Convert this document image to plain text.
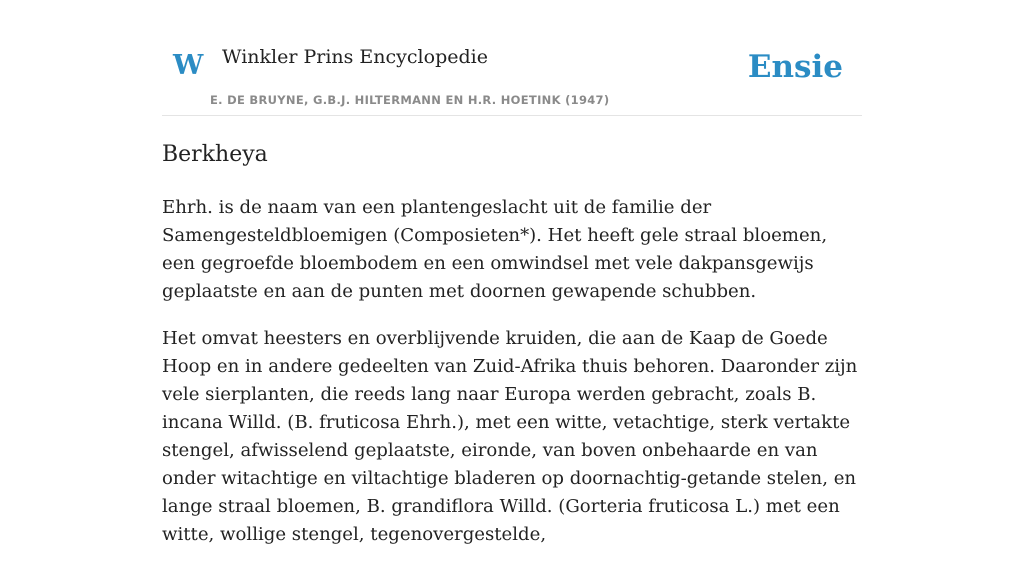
W Winkler Prins Encyclopedie
E. DE BRUYNE, G.B.J. HILTERMANN EN H.R. HOETINK (1947)
Ensie
Berkheya

Ehrh. is de naam van een plantengeslacht uit de familie der Samengesteldbloemigen (Composieten*). Het heeft gele straal bloemen, een gegroefde bloembodem en een omwindsel met vele dakpansgewijs geplaatste en aan de punten met doornen gewapende schubben.

Het omvat heesters en overblijvende kruiden, die aan de Kaap de Goede Hoop en in andere gedeelten van Zuid-Afrika thuis behoren. Daaronder zijn vele sierplanten, die reeds lang naar Europa werden gebracht, zoals B. incana Willd. (B. fruticosa Ehrh.), met een witte, vetachtige, sterk vertakte stengel, afwisselend geplaatste, eironde, van boven onbehaarde en van onder witachtige en viltachtige bladeren op doornachtig-getande stelen, en lange straal bloemen, B. grandiflora Willd. (Gorteria fruticosa L.) met een witte, wollige stengel, tegenovergestelde,
